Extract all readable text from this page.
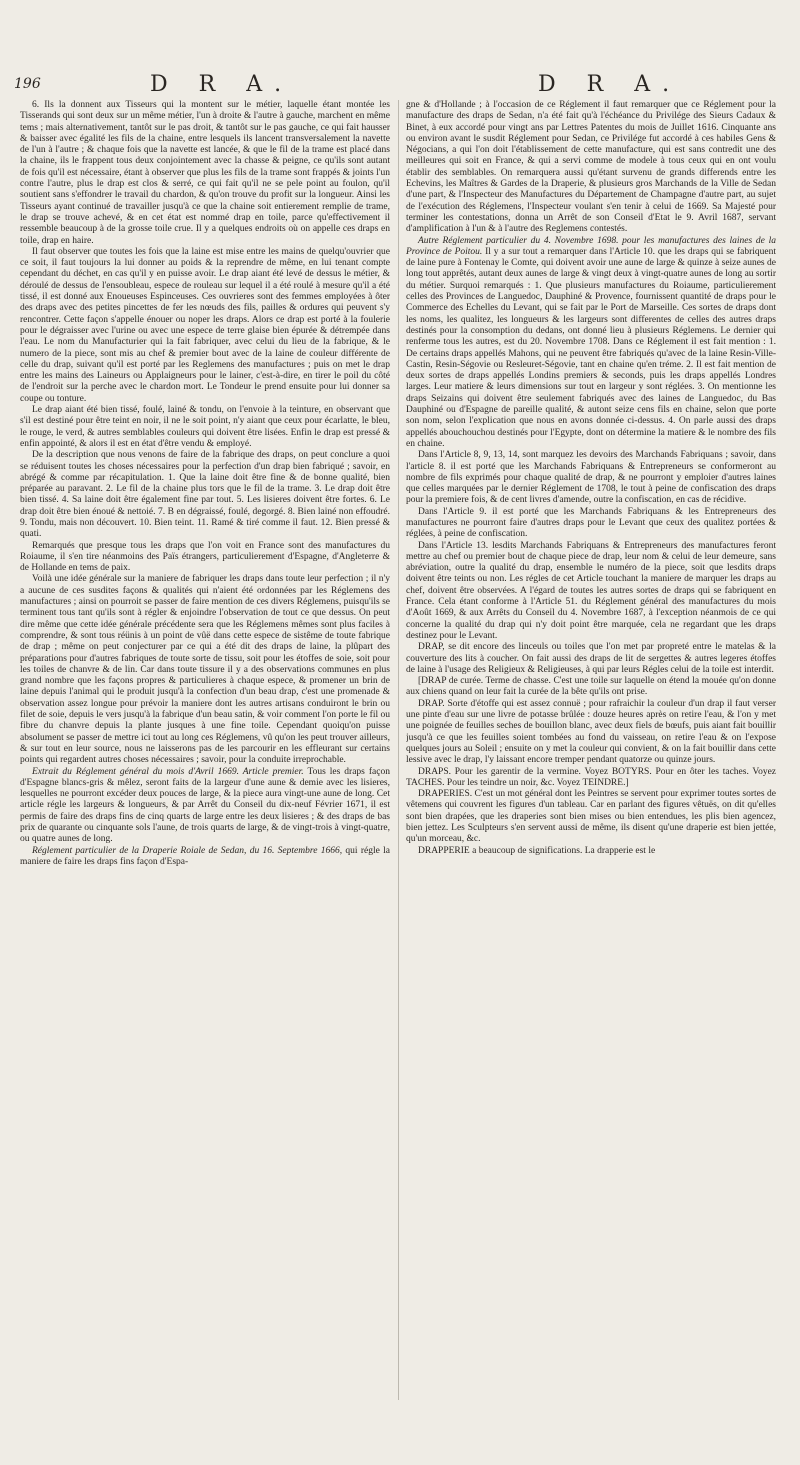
196	D R A.	D R A.

6. Ils la donnent aux Tisseurs qui la montent sur le métier, laquelle étant montée les Tisserands qui sont deux sur un même métier, l'un à droite & l'autre à gauche, marchent en même tems ; mais alternativement, tantôt sur le pas droit, & tantôt sur le pas gauche, ce qui fait hausser & baisser avec égalité les fils de la chaine, entre lesquels ils lancent transversalement la navette de l'un à l'autre ; & chaque fois que la navette est lancée, & que le fil de la trame est placé dans la chaine, ils le frappent tous deux conjointement avec la chasse & peigne, ce qu'ils sont autant de fois qu'il est nécessaire, étant à observer que plus les fils de la trame sont frappés & joints l'un contre l'autre, plus le drap est clos & serré, ce qui fait qu'il ne se pele point au foulon, qu'il soutient sans s'effondrer le travail du chardon, & qu'on trouve du profit sur la longueur. Ainsi les Tisseurs ayant continué de travailler jusqu'à ce que la chaine soit entierement remplie de trame, le drap se trouve achevé, & en cet état est nommé drap en toile, parce qu'effectivement il ressemble beaucoup à de la grosse toile crue. Il y a quelques endroits où on appelle ces draps en toile, drap en haire.

Il faut observer que toutes les fois que la laine est mise entre les mains de quelqu'ouvrier que ce soit, il faut toujours la lui donner au poids & la reprendre de même, en lui tenant compte cependant du déchet, en cas qu'il y en puisse avoir. Le drap aiant été levé de dessus le métier, & déroulé de dessus de l'ensoubleau, espece de rouleau sur lequel il a été roulé à mesure qu'il a été tissé, il est donné aux Enoueuses Espinceuses. Ces ouvrieres sont des femmes employées à ôter des draps avec des petites pincettes de fer les nœuds des fils, pailles & ordures qui peuvent s'y rencontrer. Cette façon s'appelle énouer ou noper les draps. Alors ce drap est porté à la foulerie pour le dégraisser avec l'urine ou avec une espece de terre glaise bien épurée & détrempée dans l'eau. Le nom du Manufacturier qui la fait fabriquer, avec celui du lieu de la fabrique, & le numero de la piece, sont mis au chef & premier bout avec de la laine de couleur différente de celle du drap, suivant qu'il est porté par les Reglemens des manufactures ; puis on met le drap entre les mains des Laineurs ou Applaigneurs pour le lainer, c'est-à-dire, en tirer le poil du côté de l'endroit sur la perche avec le chardon mort. Le Tondeur le prend ensuite pour lui donner sa coupe ou tonture.

Le drap aiant été bien tissé, foulé, lainé & tondu, on l'envoie à la teinture, en observant que s'il est destiné pour être teint en noir, il ne le soit point, n'y aiant que ceux pour écarlatte, le bleu, le rouge, le verd, & autres semblables couleurs qui doivent être lisées. Enfin le drap est pressé & enfin appointé, & alors il est en état d'être vendu & employé.

De la description que nous venons de faire de la fabrique des draps, on peut conclure a quoi se réduisent toutes les choses nécessaires pour la perfection d'un drap bien fabriqué ; savoir, en abrégé & comme par récapitulation. 1. Que la laine doit être fine & de bonne qualité, bien préparée au paravant. 2. Le fil de la chaine plus tors que le fil de la trame. 3. Le drap doit être bien tissé. 4. Sa laine doit être également fine par tout. 5. Les lisieres doivent être fortes. 6. Le drap doit être bien énoué & nettoié. 7. B en dégraissé, foulé, degorgé. 8. Bien lainé non effoudré. 9. Tondu, mais non découvert. 10. Bien teint. 11. Ramé & tiré comme il faut. 12. Bien pressé & quati.

Remarqués que presque tous les draps que l'on voit en France sont des manufactures du Roiaume, il s'en tire néanmoins des Païs étrangers, particulierement d'Espagne, d'Angleterre & de Hollande en tems de paix.

Voilà une idée générale sur la maniere de fabriquer les draps dans toute leur perfection ; il n'y a aucune de ces susdites façons & qualités qui n'aient été ordonnées par les Réglemens des manufactures ; ainsi on pourroit se passer de faire mention de ces divers Réglemens, puisqu'ils se terminent tous tant qu'ils sont à régler & enjoindre l'observation de tout ce que dessus. On peut dire même que cette idée générale précédente sera que les Réglemens mêmes sont plus faciles à comprendre, & sont tous réünis à un point de vûë dans cette espece de sistême de toute fabrique de drap ; même on peut conjecturer par ce qui a été dit des draps de laine, la plûpart des préparations pour d'autres fabriques de toute sorte de tissu, soit pour les étoffes de soie, soit pour les toiles de chanvre & de lin. Car dans toute tissure il y a des observations communes en plus grand nombre que les façons propres & particulieres à chaque espece, & promener un brin de laine depuis l'animal qui le produit jusqu'à la confection d'un beau drap, c'est une promenade & observation assez longue pour prévoir la maniere dont les autres artisans conduiront le brin ou filet de soie, depuis le vers jusqu'à la fabrique d'un beau satin, & voir comment l'on porte le fil ou fibre du chanvre depuis la plante jusques à une fine toile. Cependant quoiqu'on puisse absolument se passer de mettre ici tout au long ces Réglemens, vû qu'on les peut trouver ailleurs, & sur tout en leur source, nous ne laisserons pas de les parcourir en les effleurant sur certains points qui regardent autres choses nécessaires ; savoir, pour la conduite irreprochable.

Extrait du Réglement général du mois d'Avril 1669. Article premier. Tous les draps façon d'Espagne blancs-gris & mêlez, seront faits de la largeur d'une aune & demie avec les lisieres, lesquelles ne pourront excéder deux pouces de large, & la piece aura vingt-une aune de long. Cet article régle les largeurs & longueurs, & par Arrêt du Conseil du dix-neuf Février 1671, il est permis de faire des draps fins de cinq quarts de large entre les deux lisieres ; & des draps de bas prix de quarante ou cinquante sols l'aune, de trois quarts de large, & de vingt-trois à vingt-quatre, ou quatre aunes de long.

Réglement particulier de la Draperie Roiale de Sedan, du 16. Septembre 1666, qui régle la maniere de faire les draps fins façon d'Espa-

gne & d'Hollande ; à l'occasion de ce Réglement il faut remarquer que ce Réglement pour la manufacture des draps de Sedan, n'a été fait qu'à l'échéance du Privilége des Sieurs Cadaux & Binet, à eux accordé pour vingt ans par Lettres Patentes du mois de Juillet 1616. Cinquante ans ou environ avant le susdit Réglement pour Sedan, ce Privilége fut accordé à ces habiles Gens & Négocians, a qui l'on doit l'établissement de cette manufacture, qui est sans contredit une des meilleures qui soit en France, & qui a servi comme de modele à tous ceux qui en ont voulu établir des semblables. On remarquera aussi qu'étant survenu de grands differends entre les Echevins, les Maîtres & Gardes de la Draperie, & plusieurs gros Marchands de la Ville de Sedan d'une part, & l'Inspecteur des Manufactures du Département de Champagne d'autre part, au sujet de l'exécution des Réglemens, l'Inspecteur voulant s'en tenir à celui de 1669. Sa Majesté pour terminer les contestations, donna un Arrêt de son Conseil d'Etat le 9. Avril 1687, servant d'amplification à l'un & à l'autre des Reglemens contestés.

Autre Réglement particulier du 4. Novembre 1698. pour les manufactures des laines de la Province de Poitou. Il y a sur tout a remarquer dans l'Article 10. que les draps qui se fabriquent de laine pure à Fontenay le Comte, qui doivent avoir une aune de large & quinze à seize aunes de long tout apprêtés, autant deux aunes de large & vingt deux à vingt-quatre aunes de long au sortir du métier. Surquoi remarqués : 1. Que plusieurs manufactures du Roiaume, particulierement celles des Provinces de Languedoc, Dauphiné & Provence, fournissent quantité de draps pour le Commerce des Echelles du Levant, qui se fait par le Port de Marseille. Ces sortes de draps dont les noms, les qualitez, les longueurs & les largeurs sont differentes de celles des autres draps destinés pour la consomption du dedans, ont donné lieu à plusieurs Réglemens. Le dernier qui renferme tous les autres, est du 20. Novembre 1708. Dans ce Réglement il est fait mention : 1. De certains draps appellés Mahons, qui ne peuvent être fabriqués qu'avec de la laine Resin-Ville-Castin, Resin-Ségovie ou Resleuret-Ségovie, tant en chaine qu'en tréme. 2. Il est fait mention de deux sortes de draps appellés Londins premiers & seconds, puis les draps appellés Londres larges. Leur matiere & leurs dimensions sur tout en largeur y sont réglées. 3. On mentionne les draps Seizains qui doivent être seulement fabriqués avec des laines de Languedoc, du Bas Dauphiné ou d'Espagne de pareille qualité, & autont seize cens fils en chaine, selon que porte son nom, selon l'explication que nous en avons donnée ci-dessus. 4. On parle aussi des draps appellés abouchouchou destinés pour l'Egypte, dont on détermine la matiere & le nombre des fils en chaine.

Dans l'Article 8, 9, 13, 14, sont marquez les devoirs des Marchands Fabriquans ; savoir, dans l'article 8. il est porté que les Marchands Fabriquans & Entrepreneurs se conformeront au nombre de fils exprimés pour chaque qualité de drap, & ne pourront y emploier d'autres laines que celles marquées par le dernier Réglement de 1708, le tout à peine de confiscation des draps pour la premiere fois, & de cent livres d'amende, outre la confiscation, en cas de récidive.

Dans l'Article 9. il est porté que les Marchands Fabriquans & les Entrepreneurs des manufactures ne pourront faire d'autres draps pour le Levant que ceux des qualitez portées & réglées, à peine de confiscation.

Dans l'Article 13. lesdits Marchands Fabriquans & Entrepreneurs des manufactures feront mettre au chef ou premier bout de chaque piece de drap, leur nom & celui de leur demeure, sans abréviation, outre la qualité du drap, ensemble le numéro de la piece, soit que lesdits draps doivent être teints ou non. Les régles de cet Article touchant la maniere de marquer les draps au chef, doivent être observées. A l'égard de toutes les autres sortes de draps qui se fabriquent en France. Cela étant conforme à l'Article 51. du Réglement général des manufactures du mois d'Août 1669, & aux Arrêts du Conseil du 4. Novembre 1687, à l'exception néanmois de ce qui concerne la qualité du drap qui n'y doit point être marquée, cela ne regardant que les draps destinez pour le Levant.

DRAP, se dit encore des linceuls ou toiles que l'on met par propreté entre le matelas & la couverture des lits à coucher. On fait aussi des draps de lit de sergettes & autres legeres étoffes de laine à l'usage des Religieux & Religieuses, à qui par leurs Régles celui de la toile est interdit.

[DRAP de curée. Terme de chasse. C'est une toile sur laquelle on étend la mouée qu'on donne aux chiens quand on leur fait la curée de la bête qu'ils ont prise.

DRAP. Sorte d'étoffe qui est assez connuë ; pour rafraichir la couleur d'un drap il faut verser une pinte d'eau sur une livre de potasse brûlée : douze heures après on retire l'eau, & l'on y met une poignée de feuilles seches de bouillon blanc, avec deux fiels de bœufs, puis aiant fait bouillir jusqu'à ce que les feuilles soient tombées au fond du vaisseau, on retire l'eau & on l'expose quelques jours au Soleil ; ensuite on y met la couleur qui convient, & on la fait bouillir dans cette lessive avec le drap, l'y laissant encore tremper pendant quatorze ou quinze jours.

DRAPS. Pour les garentir de la vermine. Voyez BOTYRS. Pour en ôter les taches. Voyez TACHES. Pour les teindre un noir, &c. Voyez TEINDRE.]

DRAPERIES. C'est un mot général dont les Peintres se servent pour exprimer toutes sortes de vêtemens qui couvrent les figures d'un tableau. Car en parlant des figures vêtuës, on dit qu'elles sont bien drapées, que les draperies sont bien mises ou bien entendues, les plis bien agencez, bien jettez. Les Sculpteurs s'en servent aussi de même, ils disent qu'une draperie est bien jettée, qu'un morceau, &c.

DRAPPERIE a beaucoup de significations. La drapperie est le
